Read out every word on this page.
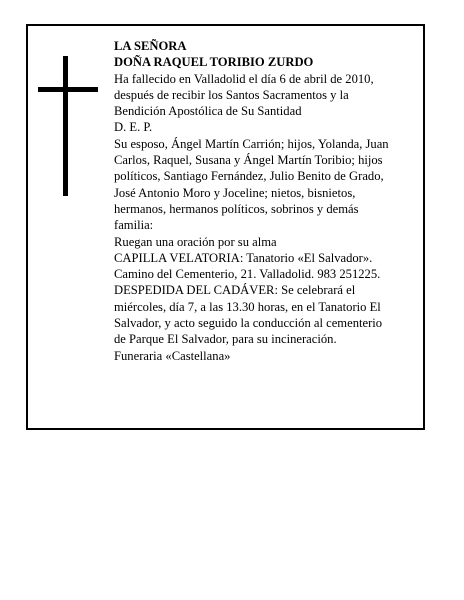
LA SEÑORA
DOÑA RAQUEL TORIBIO ZURDO
Ha fallecido en Valladolid el día 6 de abril de 2010,
después de recibir los Santos Sacramentos y la
Bendición Apostólica de Su Santidad
D. E. P.
Su esposo, Ángel Martín Carrión; hijos, Yolanda, Juan
Carlos, Raquel, Susana y Ángel Martín Toribio; hijos
políticos, Santiago Fernández, Julio Benito de Grado,
José Antonio Moro y Joceline; nietos, bisnietos,
hermanos, hermanos políticos, sobrinos y demás
familia:
Ruegan una oración por su alma
CAPILLA VELATORIA: Tanatorio «El Salvador».
Camino del Cementerio, 21. Valladolid. 983 251225.
DESPEDIDA DEL CADÁVER: Se celebrará el
miércoles, día 7, a las 13.30 horas, en el Tanatorio El
Salvador, y acto seguido la conducción al cementerio
de Parque El Salvador, para su incineración.
Funeraria «Castellana»
